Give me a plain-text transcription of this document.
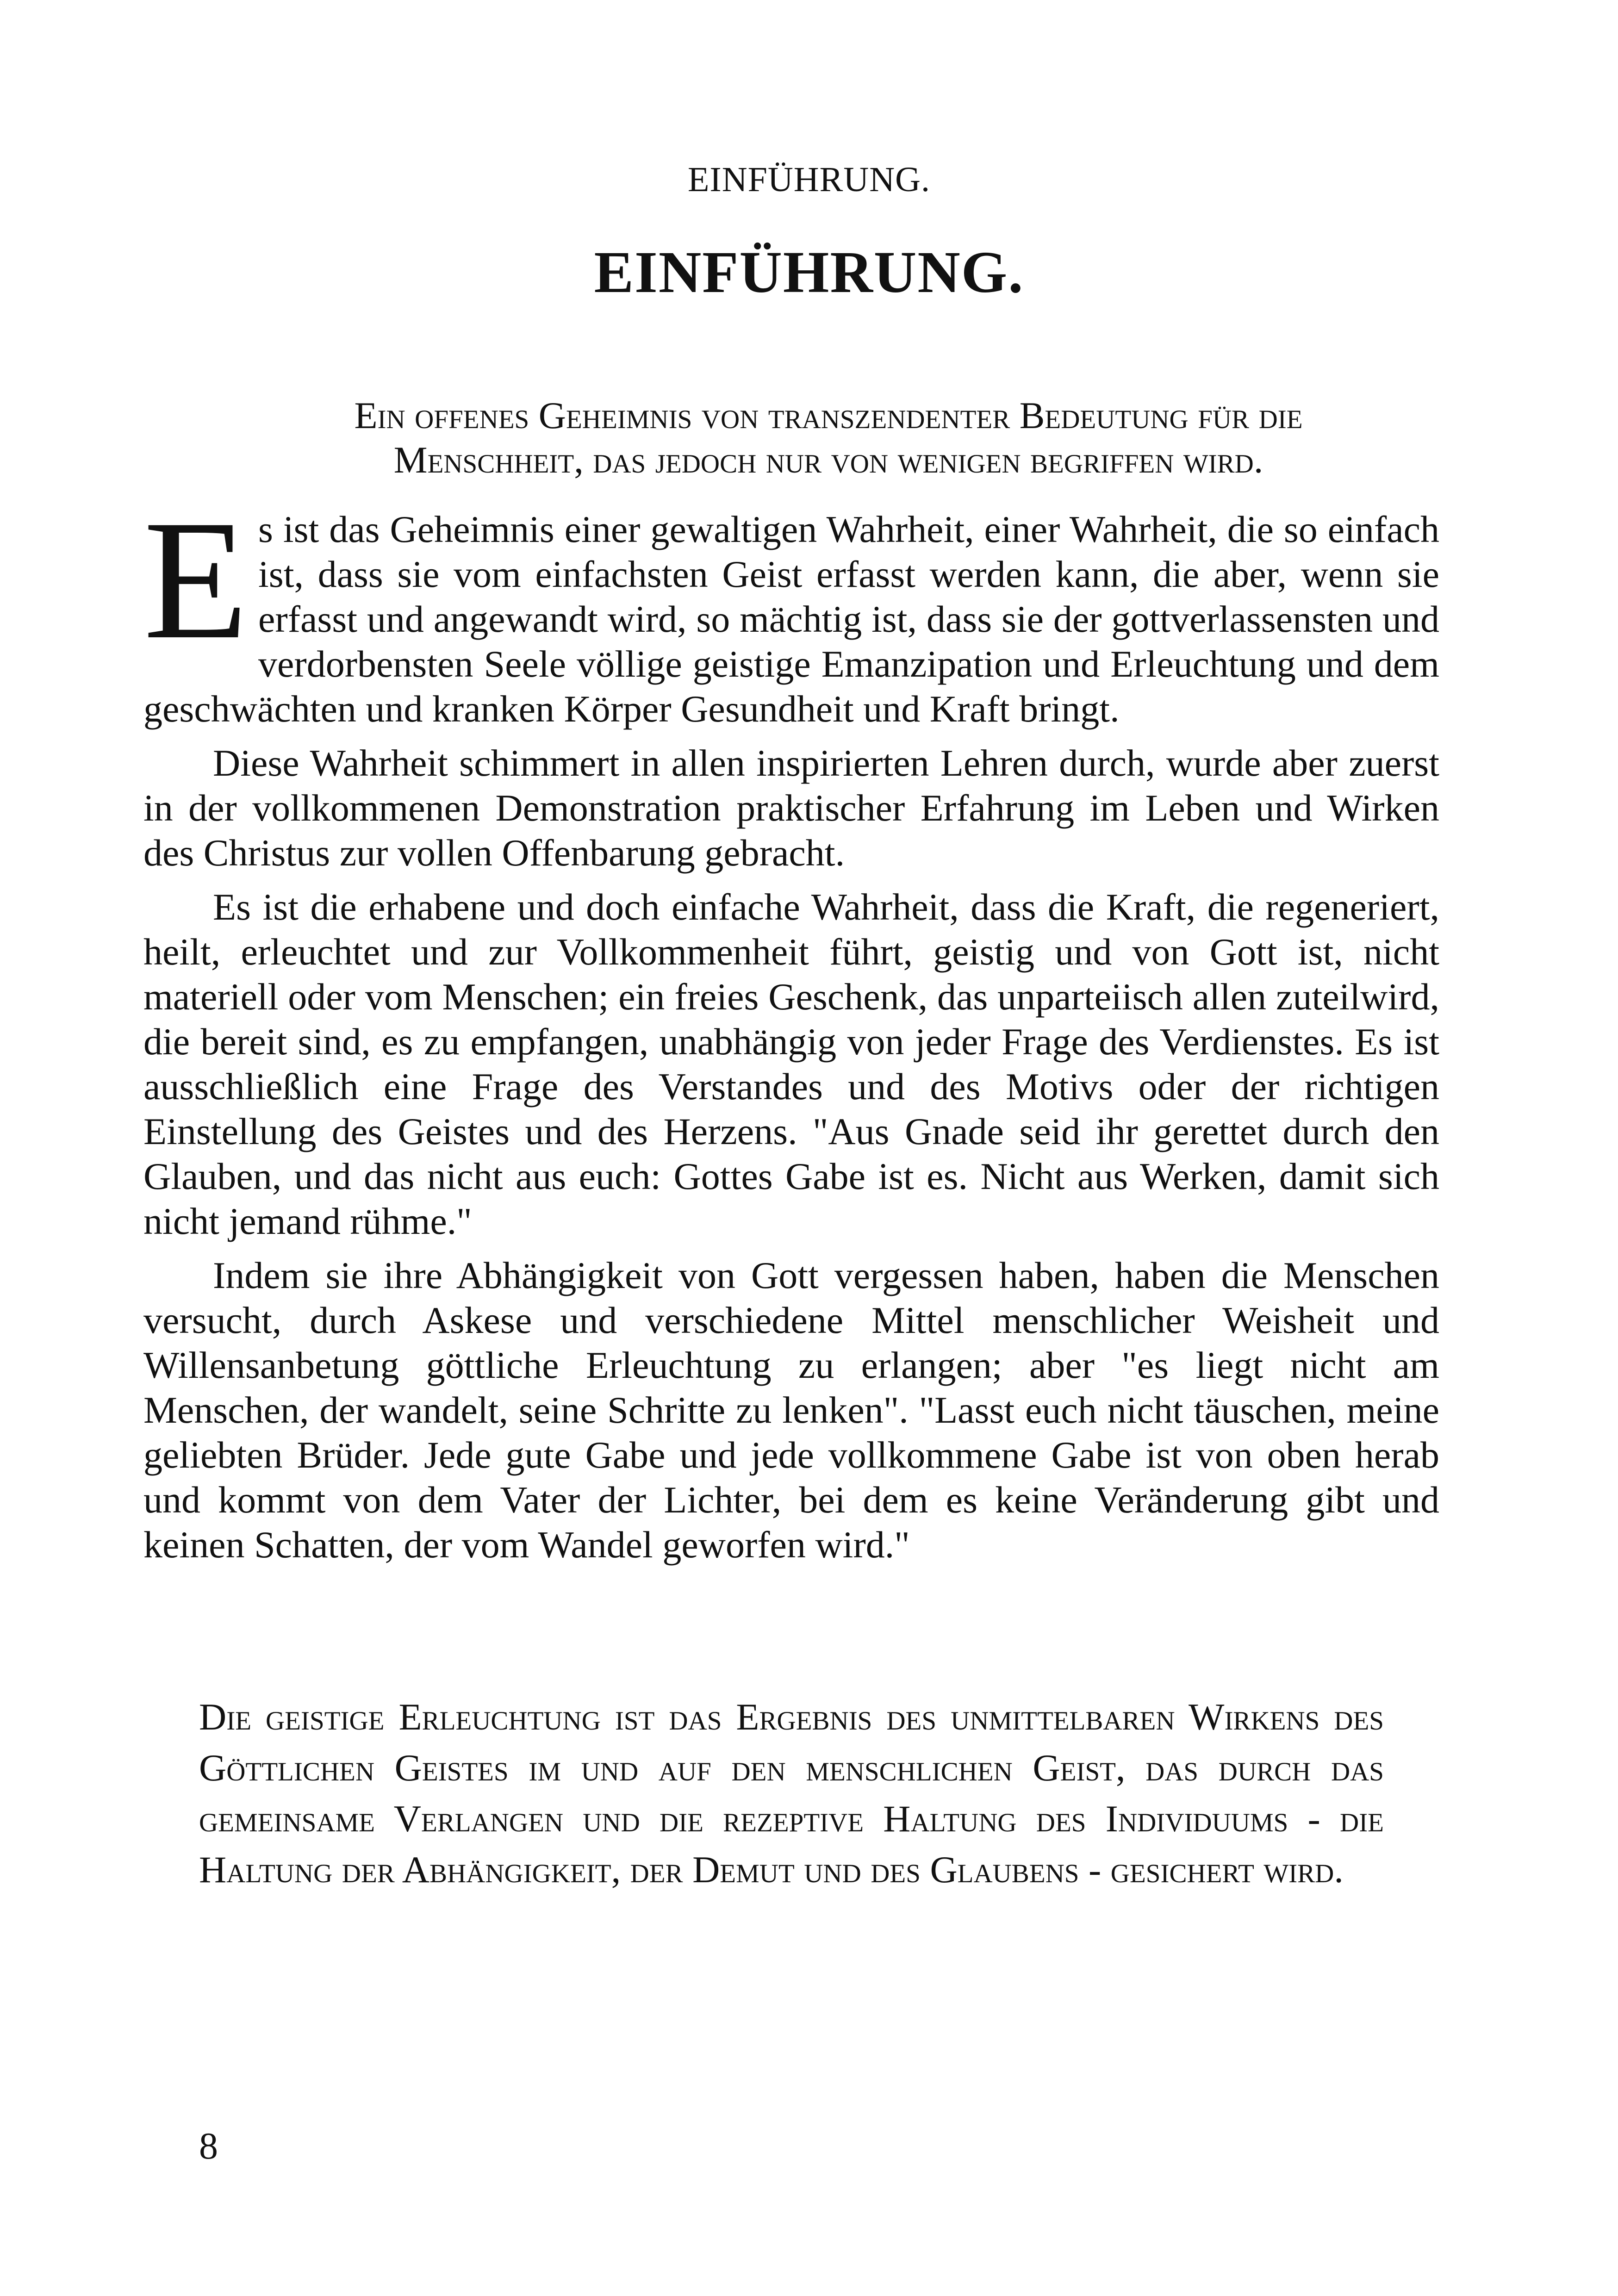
EINFÜHRUNG.
EINFÜHRUNG.
Ein offenes Geheimnis von transzendenter Bedeutung für die
Menschheit, das jedoch nur von wenigen begriffen wird.

Es ist das Geheimnis einer gewaltigen Wahrheit, einer Wahrheit, die so einfach ist, dass sie vom einfachsten Geist erfasst werden kann, die aber, wenn sie erfasst und angewandt wird, so mächtig ist, dass sie der gottverlassensten und verdorbensten Seele völlige geistige Emanzipation und Erleuchtung und dem geschwächten und kranken Körper Gesundheit und Kraft bringt.

Diese Wahrheit schimmert in allen inspirierten Lehren durch, wurde aber zuerst in der vollkommenen Demonstration praktischer Erfahrung im Leben und Wirken des Christus zur vollen Offenbarung gebracht.

Es ist die erhabene und doch einfache Wahrheit, dass die Kraft, die regeneriert, heilt, erleuchtet und zur Vollkommenheit führt, geistig und von Gott ist, nicht materiell oder vom Menschen; ein freies Geschenk, das unparteiisch allen zuteilwird, die bereit sind, es zu empfangen, unabhängig von jeder Frage des Verdienstes. Es ist ausschließlich eine Frage des Verstandes und des Motivs oder der richtigen Einstellung des Geistes und des Herzens. "Aus Gnade seid ihr gerettet durch den Glauben, und das nicht aus euch: Gottes Gabe ist es. Nicht aus Werken, damit sich nicht jemand rühme."

Indem sie ihre Abhängigkeit von Gott vergessen haben, haben die Menschen versucht, durch Askese und verschiedene Mittel menschlicher Weisheit und Willensanbetung göttliche Erleuchtung zu erlangen; aber "es liegt nicht am Menschen, der wandelt, seine Schritte zu lenken". "Lasst euch nicht täuschen, meine geliebten Brüder. Jede gute Gabe und jede vollkommene Gabe ist von oben herab und kommt von dem Vater der Lichter, bei dem es keine Veränderung gibt und keinen Schatten, der vom Wandel geworfen wird."

Die geistige Erleuchtung ist das Ergebnis des unmittelbaren Wirkens des Göttlichen Geistes im und auf den menschlichen Geist, das durch das gemeinsame Verlangen und die rezeptive Haltung des Individuums - die Haltung der Abhängigkeit, der Demut und des Glaubens - gesichert wird.
8
